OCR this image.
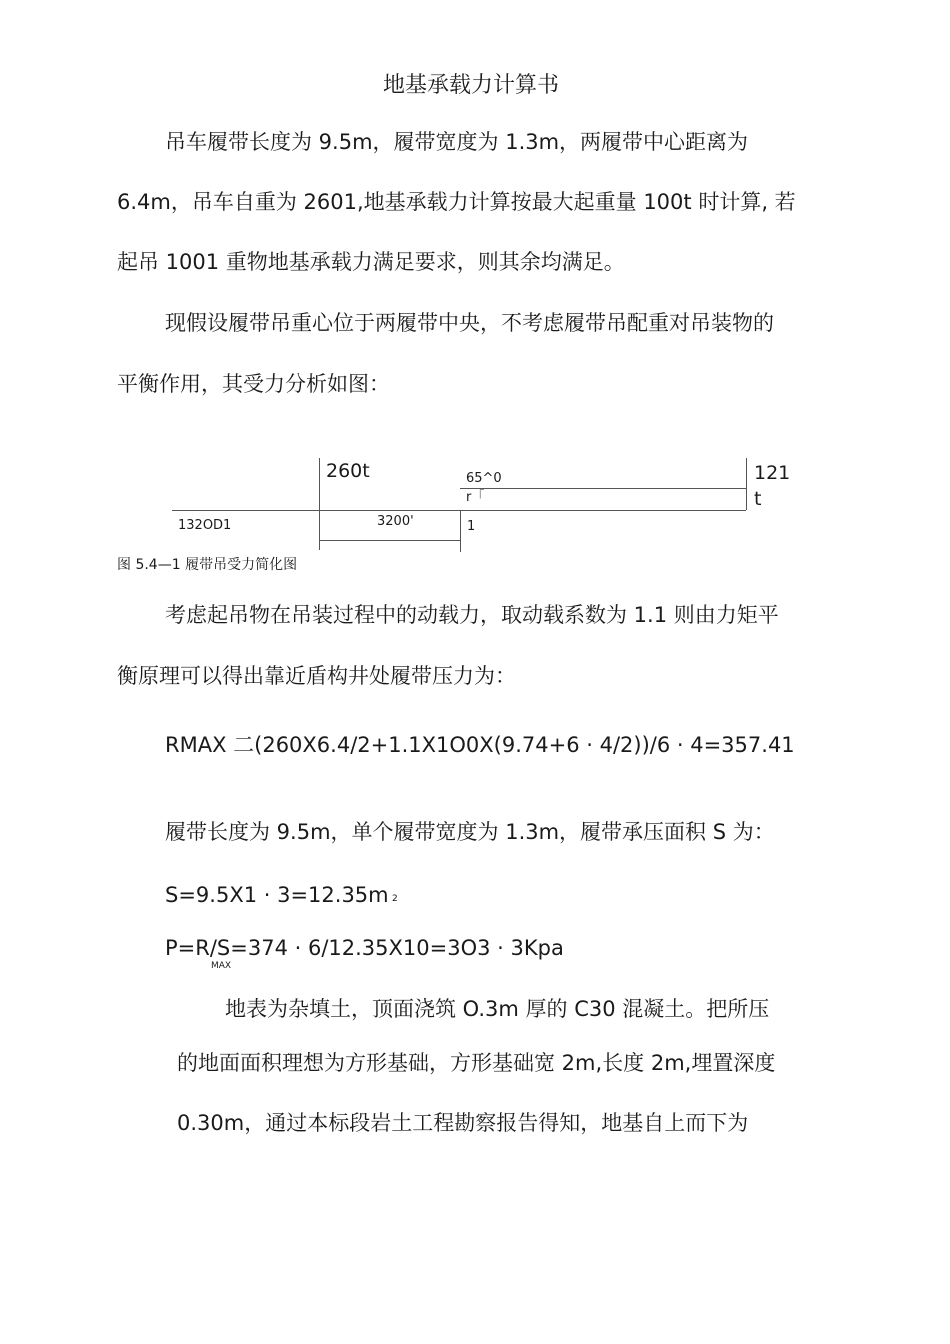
地基承载力计算书
吊车履带长度为 9.5m，履带宽度为 1.3m，两履带中心距离为
6.4m，吊车自重为 2601,地基承载力计算按最大起重量 100t 时计算, 若
起吊 1001 重物地基承载力满足要求，则其余均满足。
现假设履带吊重心位于两履带中央，不考虑履带吊配重对吊装物的
平衡作用，其受力分析如图：
260t	65^0
r「
121
t
132OD1	3200'	1
图 5.4—1 履带吊受力简化图
考虑起吊物在吊装过程中的动载力，取动载系数为 1.1 则由力矩平
衡原理可以得出靠近盾构井处履带压力为：
RMAX 二(260X6.4/2+1.1X1O0X(9.74+6 · 4/2))/6 · 4=357.41
履带长度为 9.5m，单个履带宽度为 1.3m，履带承压面积 S 为：
S=9.5X1 · 3=12.35m 2
P=R/S=374 · 6/12.35X10=3O3 · 3Kpa
MAX
地表为杂填土，顶面浇筑 O.3m 厚的 C30 混凝土。把所压
的地面面积理想为方形基础，方形基础宽 2m,长度 2m,埋置深度
0.30m，通过本标段岩土工程勘察报告得知，地基自上而下为
